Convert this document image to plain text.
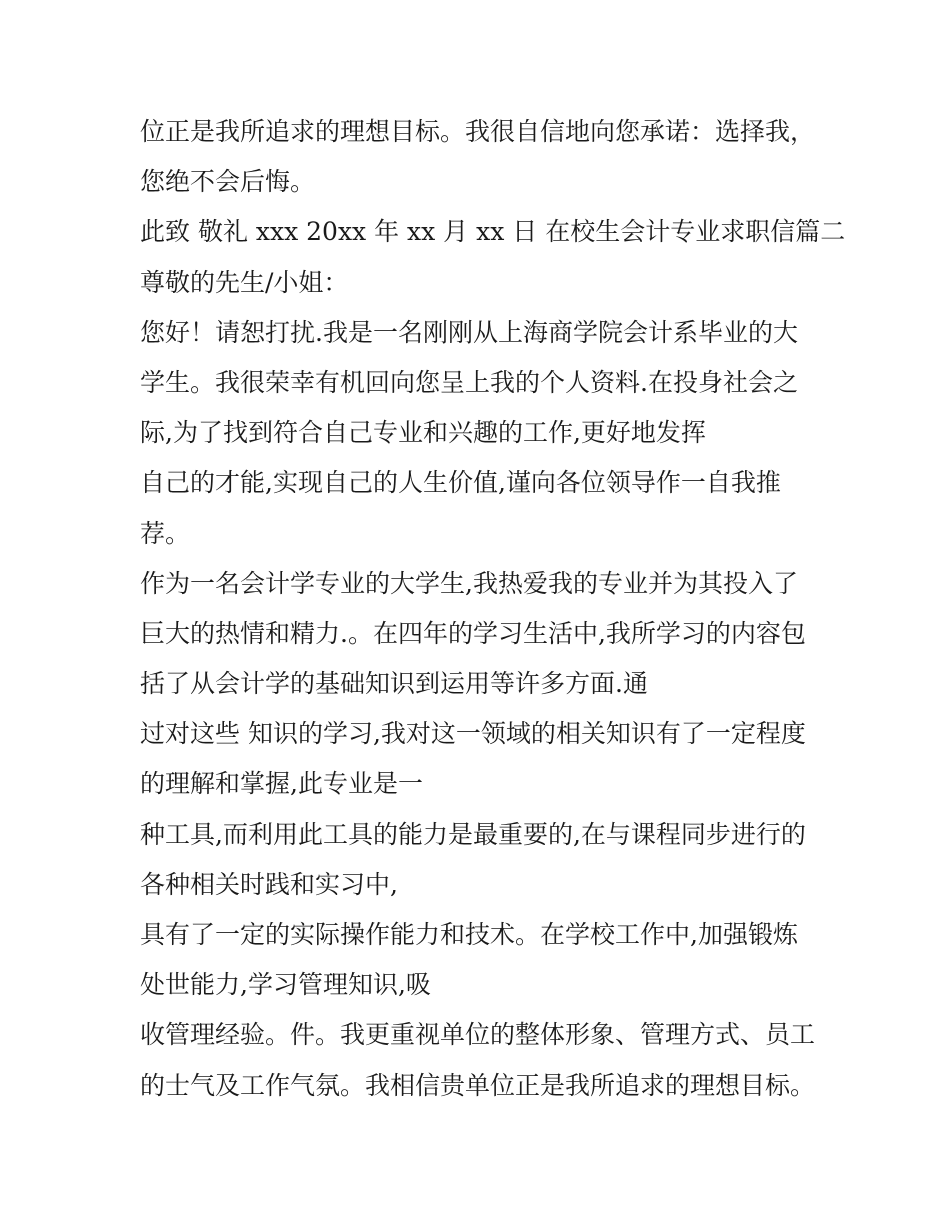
位正是我所追求的理想目标。我很自信地向您承诺：选择我，

您绝不会后悔。

此致 敬礼 xxx 20xx 年 xx 月 xx 日 在校生会计专业求职信篇二

尊敬的先生/小姐：

您好！请恕打扰.我是一名刚刚从上海商学院会计系毕业的大

学生。我很荣幸有机回向您呈上我的个人资料.在投身社会之

际,为了找到符合自己专业和兴趣的工作,更好地发挥

自己的才能,实现自己的人生价值,谨向各位领导作一自我推

荐。

作为一名会计学专业的大学生,我热爱我的专业并为其投入了

巨大的热情和精力.。在四年的学习生活中,我所学习的内容包

括了从会计学的基础知识到运用等许多方面.通

过对这些 知识的学习,我对这一领域的相关知识有了一定程度

的理解和掌握,此专业是一

种工具,而利用此工具的能力是最重要的,在与课程同步进行的

各种相关时践和实习中,

具有了一定的实际操作能力和技术。在学校工作中,加强锻炼

处世能力,学习管理知识,吸

收管理经验。件。我更重视单位的整体形象、管理方式、员工

的士气及工作气氛。我相信贵单位正是我所追求的理想目标。
